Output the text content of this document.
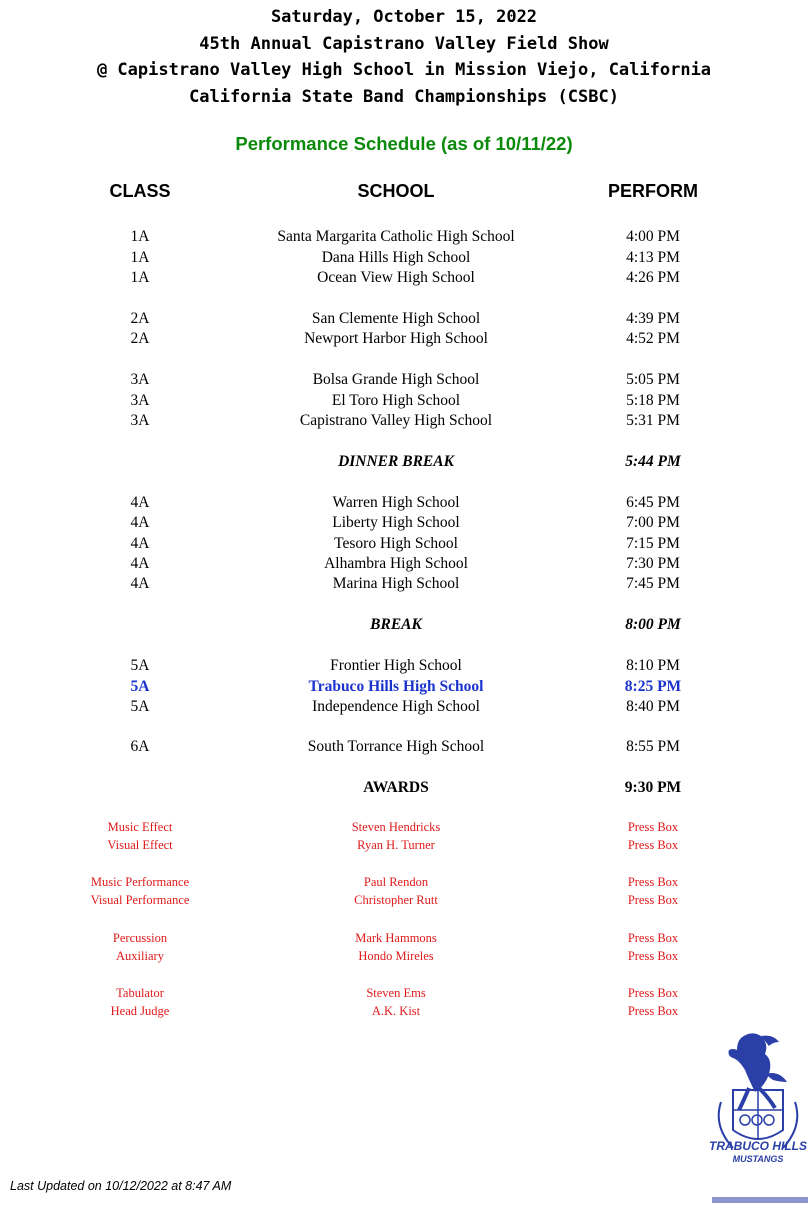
Saturday, October 15, 2022
45th Annual Capistrano Valley Field Show
@ Capistrano Valley High School in Mission Viejo, California
California State Band Championships (CSBC)
Performance Schedule (as of 10/11/22)
CLASS	SCHOOL	PERFORM
1A	Santa Margarita Catholic High School	4:00 PM
1A	Dana Hills High School	4:13 PM
1A	Ocean View High School	4:26 PM
2A	San Clemente High School	4:39 PM
2A	Newport Harbor High School	4:52 PM
3A	Bolsa Grande High School	5:05 PM
3A	El Toro High School	5:18 PM
3A	Capistrano Valley High School	5:31 PM
DINNER BREAK	5:44 PM
4A	Warren High School	6:45 PM
4A	Liberty High School	7:00 PM
4A	Tesoro High School	7:15 PM
4A	Alhambra High School	7:30 PM
4A	Marina High School	7:45 PM
BREAK	8:00 PM
5A	Frontier High School	8:10 PM
5A	Trabuco Hills High School	8:25 PM
5A	Independence High School	8:40 PM
6A	South Torrance High School	8:55 PM
AWARDS	9:30 PM
Music Effect	Steven Hendricks	Press Box
Visual Effect	Ryan H. Turner	Press Box
Music Performance	Paul Rendon	Press Box
Visual Performance	Christopher Rutt	Press Box
Percussion	Mark Hammons	Press Box
Auxiliary	Hondo Mireles	Press Box
Tabulator	Steven Ems	Press Box
Head Judge	A.K. Kist	Press Box
TRABUCO HILLS
MUSTANGS
Last Updated on 10/12/2022 at 8:47 AM
